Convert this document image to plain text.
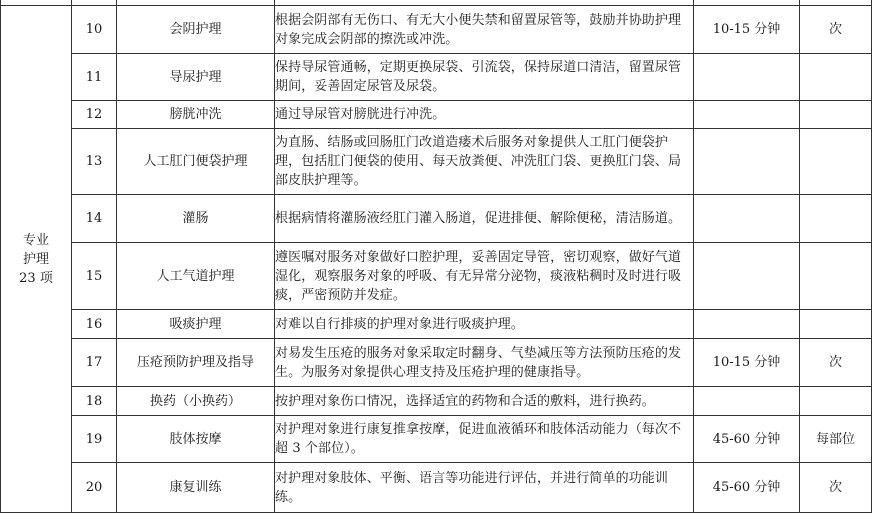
专业
护理
23 项	10	会阴护理	根据会阴部有无伤口、有无大小便失禁和留置尿管等，鼓励并协助护理对象完成会阴部的擦洗或冲洗。	10-15 分钟	次
	11	导尿护理	保持导尿管通畅，定期更换尿袋、引流袋，保持尿道口清洁，留置尿管期间，妥善固定尿管及尿袋。		
	12	膀胱冲洗	通过导尿管对膀胱进行冲洗。		
	13	人工肛门便袋护理	为直肠、结肠或回肠肛门改道造瘘术后服务对象提供人工肛门便袋护理，包括肛门便袋的使用、每天放粪便、冲洗肛门袋、更换肛门袋、局部皮肤护理等。		
	14	灌肠	根据病情将灌肠液经肛门灌入肠道，促进排便、解除便秘，清洁肠道。		
	15	人工气道护理	遵医嘱对服务对象做好口腔护理，妥善固定导管，密切观察，做好气道湿化，观察服务对象的呼吸、有无异常分泌物，痰液粘稠时及时进行吸痰，严密预防并发症。		
	16	吸痰护理	对难以自行排痰的护理对象进行吸痰护理。		
	17	压疮预防护理及指导	对易发生压疮的服务对象采取定时翻身、气垫减压等方法预防压疮的发生。为服务对象提供心理支持及压疮护理的健康指导。	10-15 分钟	次
	18	换药（小换药）	按护理对象伤口情况，选择适宜的药物和合适的敷料，进行换药。		
	19	肢体按摩	对护理对象进行康复推拿按摩，促进血液循环和肢体活动能力（每次不超 3 个部位）。	45-60 分钟	每部位
	20	康复训练	对护理对象肢体、平衡、语言等功能进行评估，并进行简单的功能训练。	45-60 分钟	次
